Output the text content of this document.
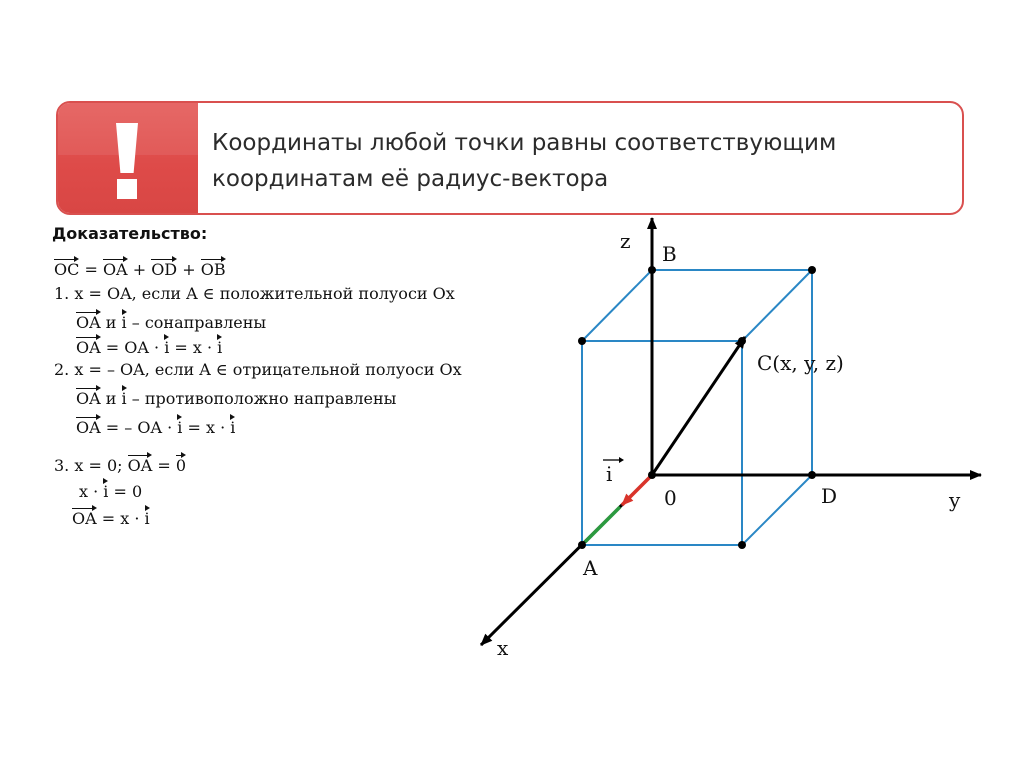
Координаты любой точки равны соответствующим
координатам её радиус-вектора
Доказательство:
OC = OA + OD + OB
1. x = OA, если A ∈ положительной полуоси Ox
OA и i – сонаправлены
OA = OA · i = x · i
2. x = – OA, если A ∈ отрицательной полуоси Ox
OA и i – противоположно направлены
OA = – OA · i = x · i
3. x = 0; OA = 0
x · i = 0
OA = x · i
z
B
C(x, y, z)
i
0	D	y
A
x
